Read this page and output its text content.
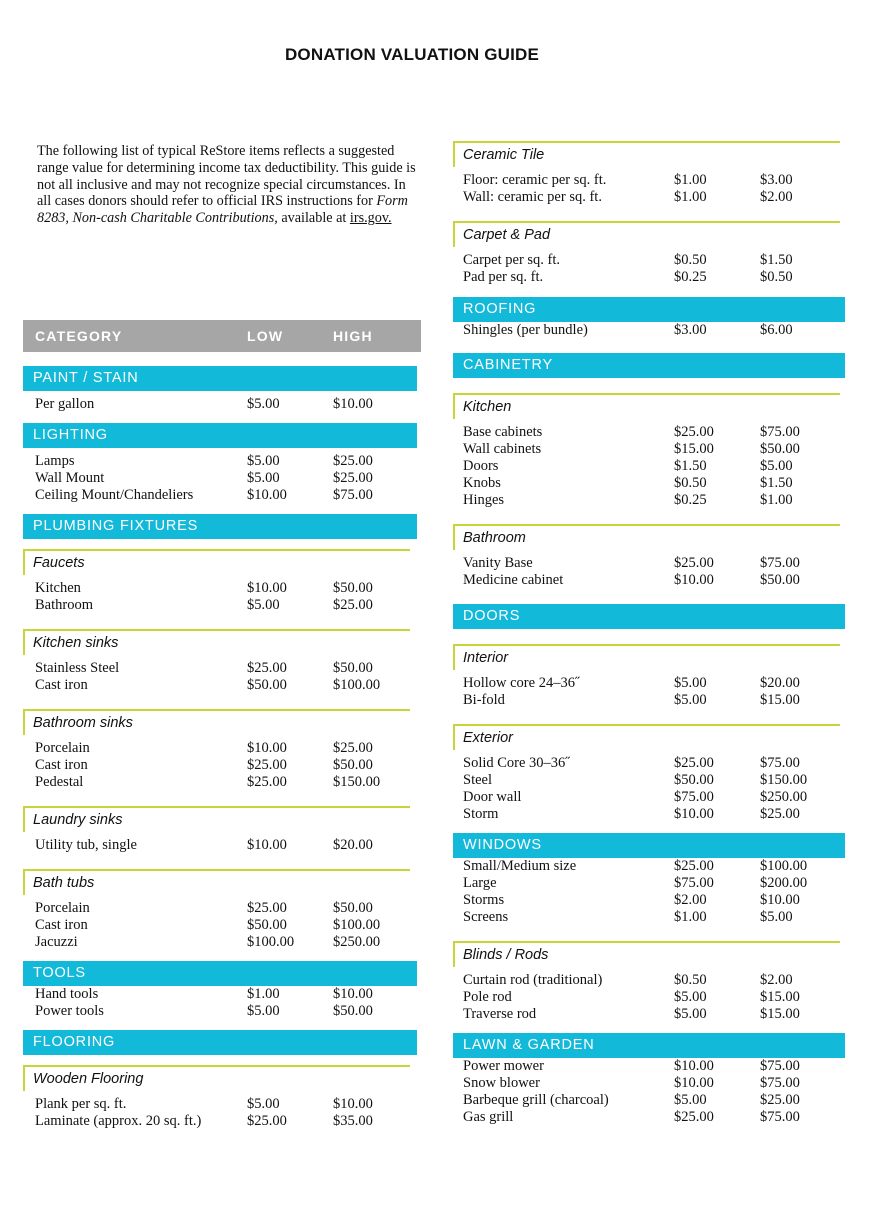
DONATION VALUATION GUIDE
The following list of typical ReStore items reflects a suggested range value for determining income tax deductibility. This guide is not all inclusive and may not recognize special circumstances. In all cases donors should refer to official IRS instructions for Form 8283, Non-cash Charitable Contributions, available at irs.gov.
CATEGORY	LOW	HIGH
PAINT / STAIN
Per gallon	$5.00	$10.00
LIGHTING
Lamps	$5.00	$25.00
Wall Mount	$5.00	$25.00
Ceiling Mount/Chandeliers	$10.00	$75.00
PLUMBING FIXTURES
Faucets
Kitchen	$10.00	$50.00
Bathroom	$5.00	$25.00
Kitchen sinks
Stainless Steel	$25.00	$50.00
Cast iron	$50.00	$100.00
Bathroom sinks
Porcelain	$10.00	$25.00
Cast iron	$25.00	$50.00
Pedestal	$25.00	$150.00
Laundry sinks
Utility tub, single	$10.00	$20.00
Bath tubs
Porcelain	$25.00	$50.00
Cast iron	$50.00	$100.00
Jacuzzi	$100.00	$250.00
TOOLS
Hand tools	$1.00	$10.00
Power tools	$5.00	$50.00
FLOORING
Wooden Flooring
Plank per sq. ft.	$5.00	$10.00
Laminate (approx. 20 sq. ft.)	$25.00	$35.00
Ceramic Tile
Floor: ceramic per sq. ft.	$1.00	$3.00
Wall: ceramic per sq. ft.	$1.00	$2.00
Carpet & Pad
Carpet per sq. ft.	$0.50	$1.50
Pad per sq. ft.	$0.25	$0.50
ROOFING
Shingles (per bundle)	$3.00	$6.00
CABINETRY
Kitchen
Base cabinets	$25.00	$75.00
Wall cabinets	$15.00	$50.00
Doors	$1.50	$5.00
Knobs	$0.50	$1.50
Hinges	$0.25	$1.00
Bathroom
Vanity Base	$25.00	$75.00
Medicine cabinet	$10.00	$50.00
DOORS
Interior
Hollow core 24–36˝	$5.00	$20.00
Bi-fold	$5.00	$15.00
Exterior
Solid Core 30–36˝	$25.00	$75.00
Steel	$50.00	$150.00
Door wall	$75.00	$250.00
Storm	$10.00	$25.00
WINDOWS
Small/Medium size	$25.00	$100.00
Large	$75.00	$200.00
Storms	$2.00	$10.00
Screens	$1.00	$5.00
Blinds / Rods
Curtain rod (traditional)	$0.50	$2.00
Pole rod	$5.00	$15.00
Traverse rod	$5.00	$15.00
LAWN & GARDEN
Power mower	$10.00	$75.00
Snow blower	$10.00	$75.00
Barbeque grill (charcoal)	$5.00	$25.00
Gas grill	$25.00	$75.00
